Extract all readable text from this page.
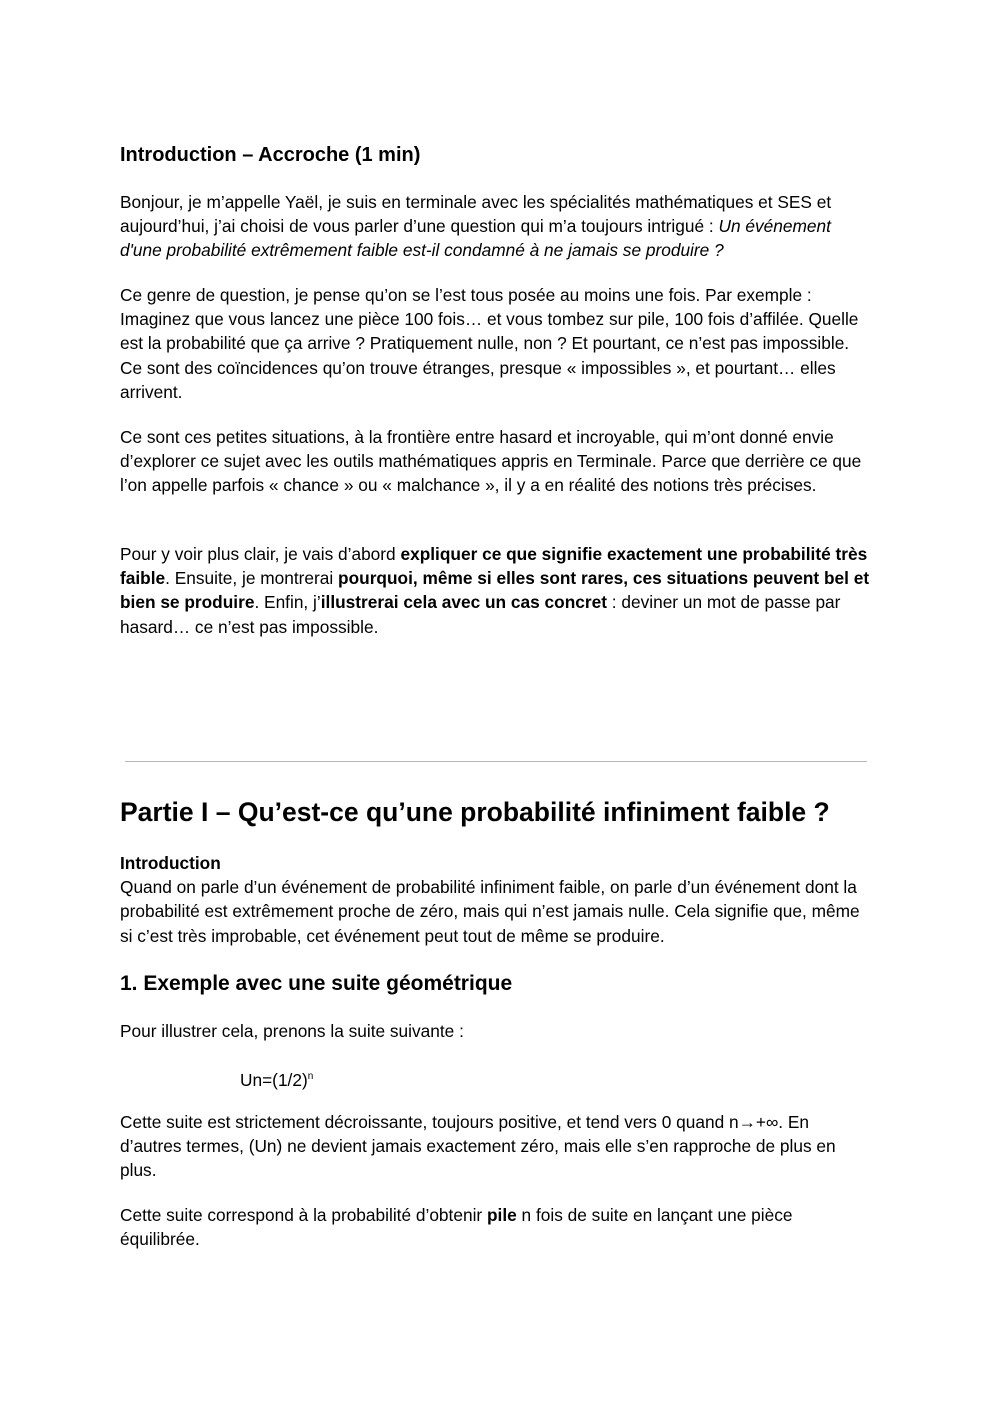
Introduction – Accroche (1 min)

Bonjour, je m’appelle Yaël, je suis en terminale avec les spécialités mathématiques et SES et aujourd’hui, j’ai choisi de vous parler d’une question qui m’a toujours intrigué : Un événement d'une probabilité extrêmement faible est-il condamné à ne jamais se produire ?

Ce genre de question, je pense qu’on se l’est tous posée au moins une fois. Par exemple : Imaginez que vous lancez une pièce 100 fois… et vous tombez sur pile, 100 fois d’affilée. Quelle est la probabilité que ça arrive ? Pratiquement nulle, non ? Et pourtant, ce n’est pas impossible. Ce sont des coïncidences qu’on trouve étranges, presque « impossibles », et pourtant… elles arrivent.

Ce sont ces petites situations, à la frontière entre hasard et incroyable, qui m’ont donné envie d’explorer ce sujet avec les outils mathématiques appris en Terminale. Parce que derrière ce que l’on appelle parfois « chance » ou « malchance », il y a en réalité des notions très précises.

Pour y voir plus clair, je vais d’abord expliquer ce que signifie exactement une probabilité très faible. Ensuite, je montrerai pourquoi, même si elles sont rares, ces situations peuvent bel et bien se produire. Enfin, j’illustrerai cela avec un cas concret : deviner un mot de passe par hasard… ce n’est pas impossible.

Partie I – Qu’est-ce qu’une probabilité infiniment faible ?

Introduction

Quand on parle d’un événement de probabilité infiniment faible, on parle d’un événement dont la probabilité est extrêmement proche de zéro, mais qui n’est jamais nulle. Cela signifie que, même si c’est très improbable, cet événement peut tout de même se produire.

1. Exemple avec une suite géométrique

Pour illustrer cela, prenons la suite suivante :

$Un=(1/2)^n$

Cette suite est strictement décroissante, toujours positive, et tend vers 0 quand n→+∞. En d’autres termes, (Un) ne devient jamais exactement zéro, mais elle s’en rapproche de plus en plus.

Cette suite correspond à la probabilité d’obtenir pile n fois de suite en lançant une pièce équilibrée.
